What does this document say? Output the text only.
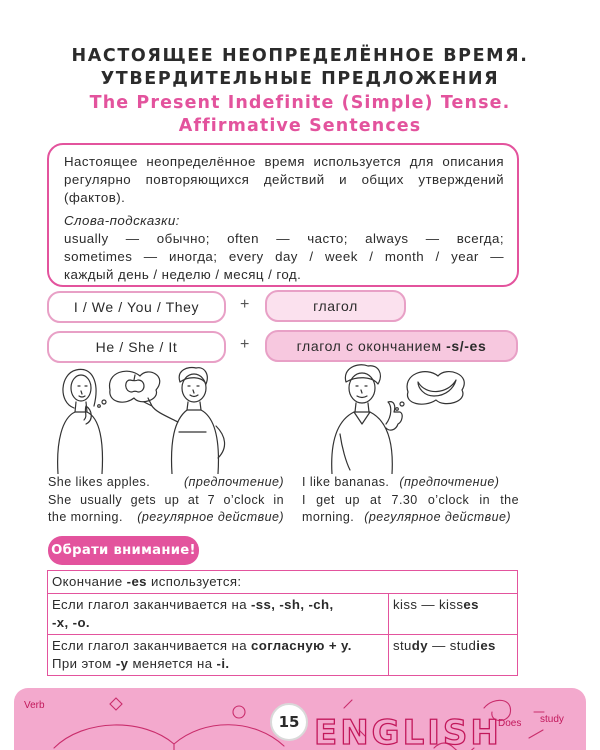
НАСТОЯЩЕЕ НЕОПРЕДЕЛЁННОЕ ВРЕМЯ.
УТВЕРДИТЕЛЬНЫЕ ПРЕДЛОЖЕНИЯ
The Present Indefinite (Simple) Tense.
Affirmative Sentences

Настоящее неопределённое время используется для описания регулярно повторяющихся действий и общих утверждений (фактов).

Слова-подсказки:

usually — обычно; often — часто; always — всегда;

sometimes — иногда; every day / week / month / year —

каждый день / неделю / месяц / год.

I / We / You / They	+	глагол
He / She / It	+	глагол с окончанием -s/-es
She likes apples.	(предпочтение)
She usually gets up at 7 o’clock in
the morning. (регулярное действие)
I like bananas. (предпочтение)
I get up at 7.30 o’clock in the
morning. (регулярное действие)
Обрати внимание!
Окончание -es используется:	
Если глагол заканчивается на -ss, -sh, -ch,
-x, -o.	kiss — kisses
Если глагол заканчивается на согласную + y.
При этом -y меняется на -i.	study — studies
Verb
ENGLISH
Does study
15
